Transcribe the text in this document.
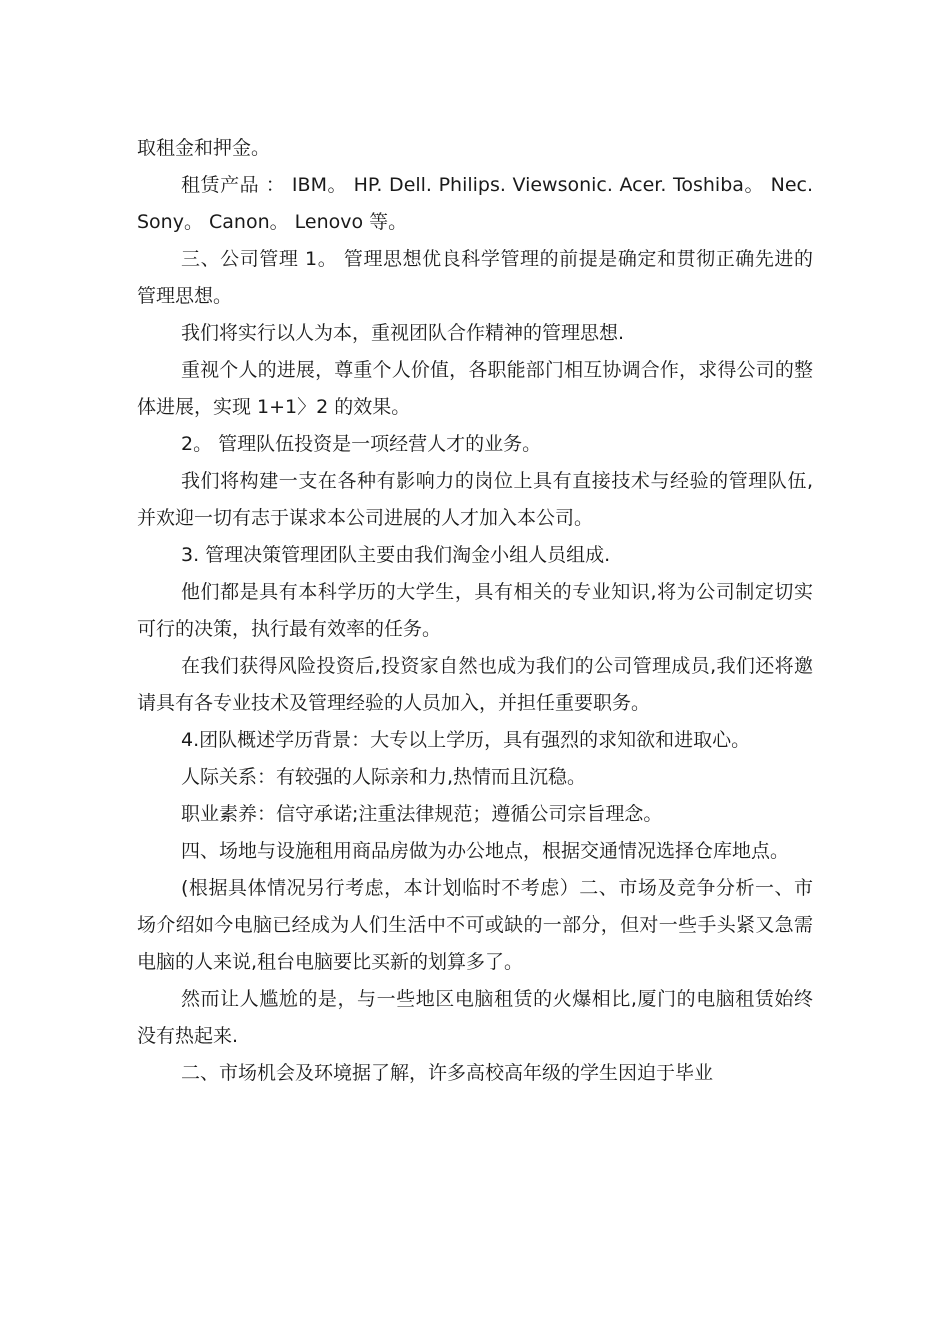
取租金和押金。

租赁产品 ： IBM。 HP. Dell. Philips. Viewsonic. Acer. Toshiba。 Nec. Sony。 Canon。 Lenovo 等。

三、公司管理 1。 管理思想优良科学管理的前提是确定和贯彻正确先进的管理思想。

我们将实行以人为本，重视团队合作精神的管理思想.

重视个人的进展，尊重个人价值，各职能部门相互协调合作，求得公司的整体进展，实现 1+1〉2 的效果。

2。 管理队伍投资是一项经营人才的业务。

我们将构建一支在各种有影响力的岗位上具有直接技术与经验的管理队伍,并欢迎一切有志于谋求本公司进展的人才加入本公司。

3. 管理决策管理团队主要由我们淘金小组人员组成.

他们都是具有本科学历的大学生，具有相关的专业知识,将为公司制定切实可行的决策，执行最有效率的任务。

在我们获得风险投资后,投资家自然也成为我们的公司管理成员,我们还将邀请具有各专业技术及管理经验的人员加入，并担任重要职务。

4.团队概述学历背景：大专以上学历，具有强烈的求知欲和进取心。

人际关系：有较强的人际亲和力,热情而且沉稳。

职业素养：信守承诺;注重法律规范；遵循公司宗旨理念。

四、场地与设施租用商品房做为办公地点，根据交通情况选择仓库地点。

(根据具体情况另行考虑，本计划临时不考虑）二、市场及竞争分析一、市场介绍如今电脑已经成为人们生活中不可或缺的一部分，但对一些手头紧又急需电脑的人来说,租台电脑要比买新的划算多了。

然而让人尴尬的是，与一些地区电脑租赁的火爆相比,厦门的电脑租赁始终没有热起来.

二、市场机会及环境据了解，许多高校高年级的学生因迫于毕业
